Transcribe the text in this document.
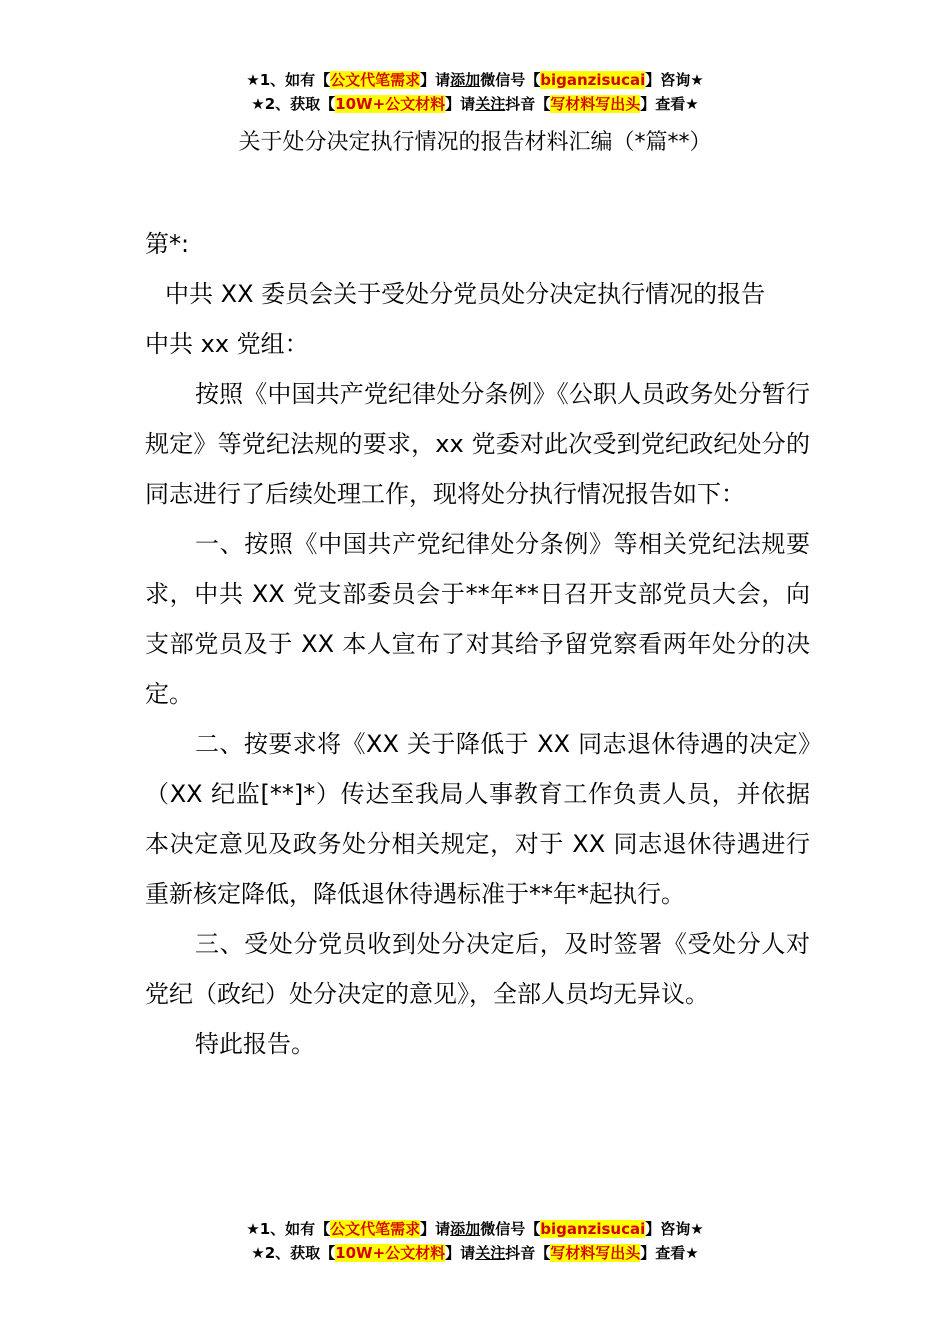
★1、如有【公文代笔需求】请添加微信号【biganzisucai】咨询★
★2、获取【10W+公文材料】请关注抖音【写材料写出头】查看★
关于处分决定执行情况的报告材料汇编（*篇**）

第*:

中共 XX 委员会关于受处分党员处分决定执行情况的报告

中共 xx 党组：

按照《中国共产党纪律处分条例》《公职人员政务处分暂行规定》等党纪法规的要求，xx 党委对此次受到党纪政纪处分的同志进行了后续处理工作，现将处分执行情况报告如下：

一、按照《中国共产党纪律处分条例》等相关党纪法规要求，中共 XX 党支部委员会于**年**日召开支部党员大会，向支部党员及于 XX 本人宣布了对其给予留党察看两年处分的决定。

二、按要求将《XX 关于降低于 XX 同志退休待遇的决定》（XX 纪监[**]*）传达至我局人事教育工作负责人员，并依据本决定意见及政务处分相关规定，对于 XX 同志退休待遇进行重新核定降低，降低退休待遇标准于**年*起执行。

三、受处分党员收到处分决定后，及时签署《受处分人对党纪（政纪）处分决定的意见》，全部人员均无异议。

特此报告。

★1、如有【公文代笔需求】请添加微信号【biganzisucai】咨询★
★2、获取【10W+公文材料】请关注抖音【写材料写出头】查看★
